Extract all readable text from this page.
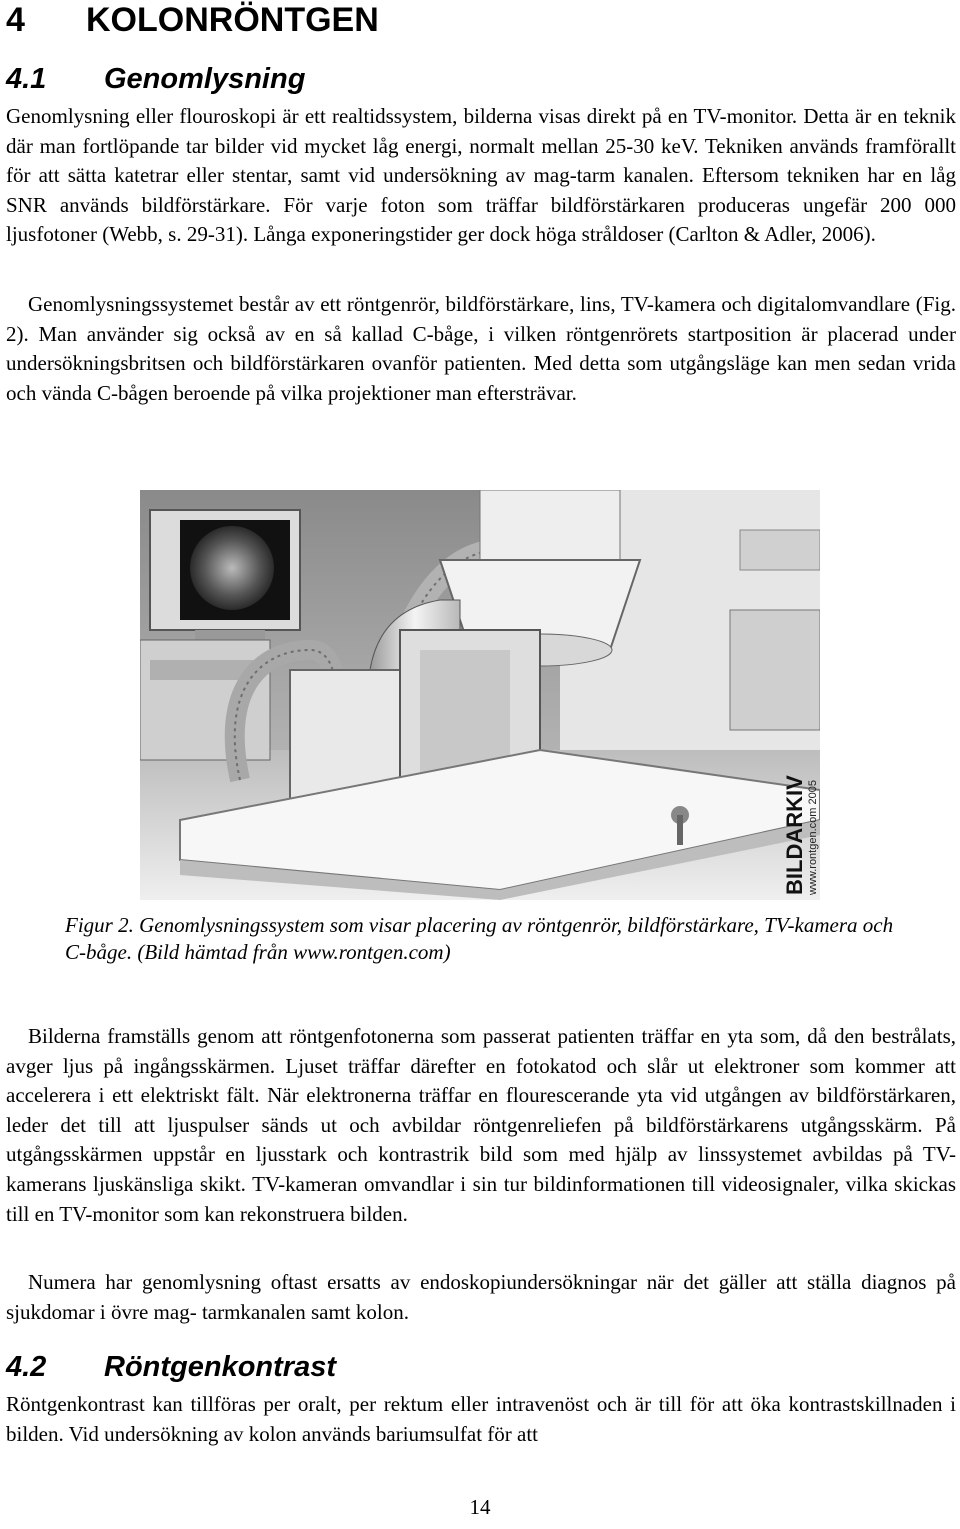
4 KOLONRÖNTGEN
4.1 Genomlysning

Genomlysning eller flouroskopi är ett realtidssystem, bilderna visas direkt på en TV-monitor. Detta är en teknik där man fortlöpande tar bilder vid mycket låg energi, normalt mellan 25-30 keV. Tekniken används framförallt för att sätta katetrar eller stentar, samt vid undersökning av mag-tarm kanalen. Eftersom tekniken har en låg SNR används bildförstärkare. För varje foton som träffar bildförstärkaren produceras ungefär 200 000 ljusfotoner (Webb, s. 29-31). Långa exponeringstider ger dock höga stråldoser (Carlton & Adler, 2006).

Genomlysningssystemet består av ett röntgenrör, bildförstärkare, lins, TV-kamera och digitalomvandlare (Fig. 2). Man använder sig också av en så kallad C-båge, i vilken röntgenrörets startposition är placerad under undersökningsbritsen och bildförstärkaren ovanför patienten. Med detta som utgångsläge kan men sedan vrida och vända C-bågen beroende på vilka projektioner man eftersträvar.

BILDARKIV www.rontgen.com 2005

Figur 2. Genomlysningssystem som visar placering av röntgenrör, bildförstärkare, TV-kamera och C-båge. (Bild hämtad från www.rontgen.com)

Bilderna framställs genom att röntgenfotonerna som passerat patienten träffar en yta som, då den bestrålats, avger ljus på ingångsskärmen. Ljuset träffar därefter en fotokatod och slår ut elektroner som kommer att accelerera i ett elektriskt fält. När elektronerna träffar en flourescerande yta vid utgången av bildförstärkaren, leder det till att ljuspulser sänds ut och avbildar röntgenreliefen på bildförstärkarens utgångsskärm. På utgångsskärmen uppstår en ljusstark och kontrastrik bild som med hjälp av linssystemet avbildas på TV-kamerans ljuskänsliga skikt. TV-kameran omvandlar i sin tur bildinformationen till videosignaler, vilka skickas till en TV-monitor som kan rekonstruera bilden.

Numera har genomlysning oftast ersatts av endoskopiundersökningar när det gäller att ställa diagnos på sjukdomar i övre mag- tarmkanalen samt kolon.

4.2 Röntgenkontrast

Röntgenkontrast kan tillföras per oralt, per rektum eller intravenöst och är till för att öka kontrastskillnaden i bilden. Vid undersökning av kolon används bariumsulfat för att

14
